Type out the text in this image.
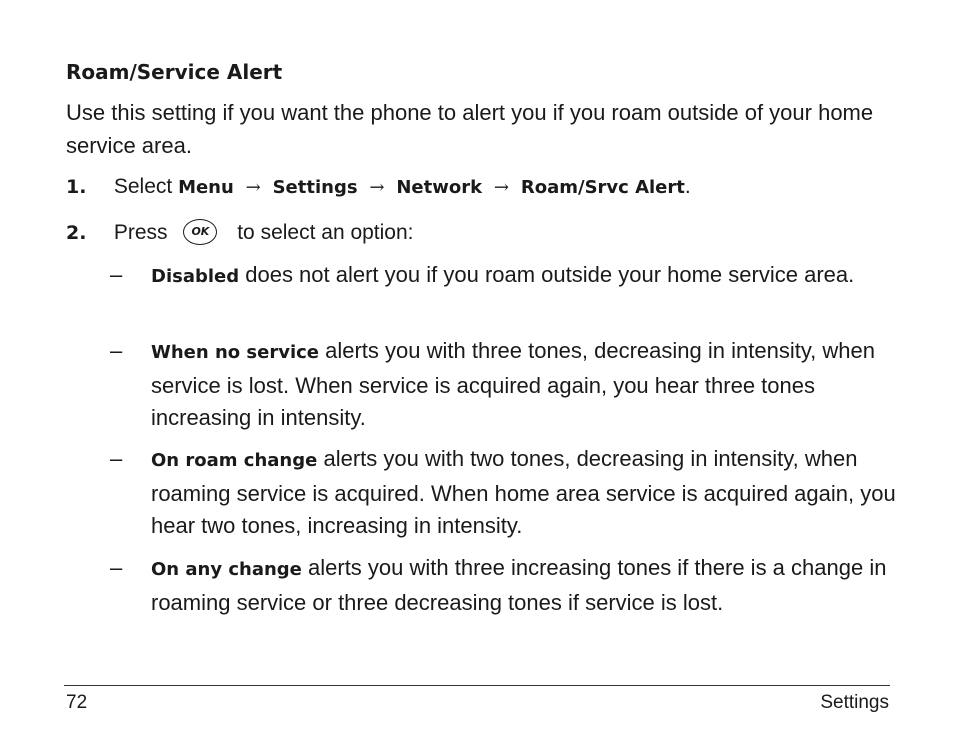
Roam/Service Alert
Use this setting if you want the phone to alert you if you roam outside of your home service area.
1. Select Menu → Settings → Network → Roam/Srvc Alert.
2. Press OK to select an option:
– Disabled does not alert you if you roam outside your home service area.
– When no service alerts you with three tones, decreasing in intensity, when service is lost. When service is acquired again, you hear three tones increasing in intensity.
– On roam change alerts you with two tones, decreasing in intensity, when roaming service is acquired. When home area service is acquired again, you hear two tones, increasing in intensity.
– On any change alerts you with three increasing tones if there is a change in roaming service or three decreasing tones if service is lost.
72	Settings
